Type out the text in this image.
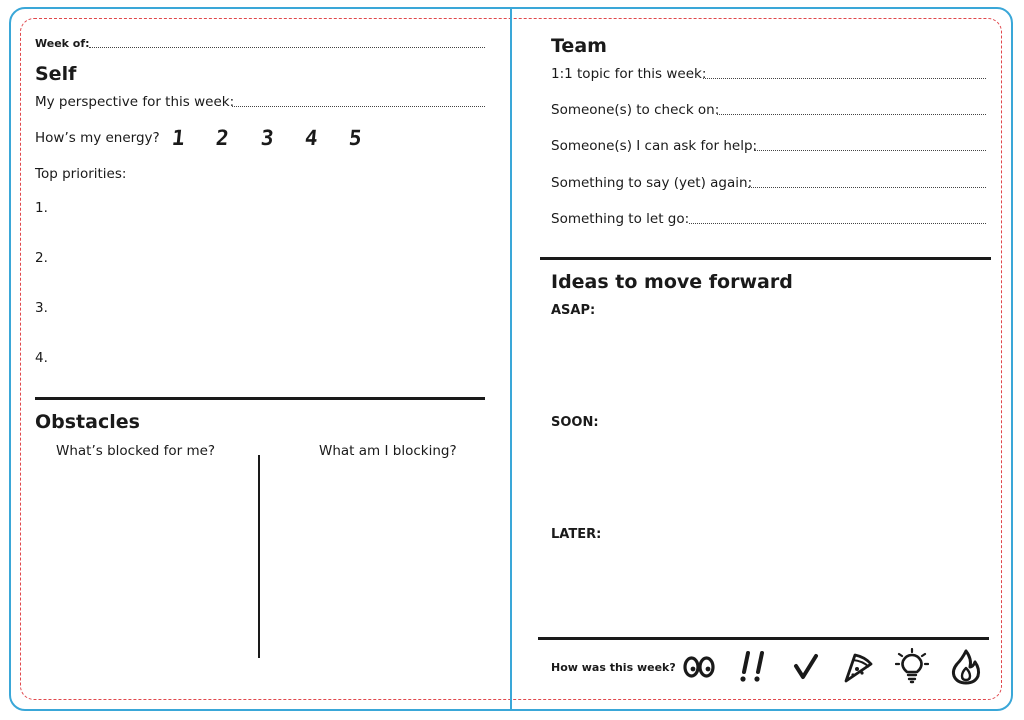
Week of:
Self
My perspective for this week:
How’s my energy? 1 2 3 4 5
Top priorities:
1.
2.
3.
4.
Obstacles
What’s blocked for me?	What am I blocking?
Team
1:1 topic for this week:
Someone(s) to check on:
Someone(s) I can ask for help:
Something to say (yet) again:
Something to let go:
Ideas to move forward
ASAP:
SOON:
LATER:
How was this week?
